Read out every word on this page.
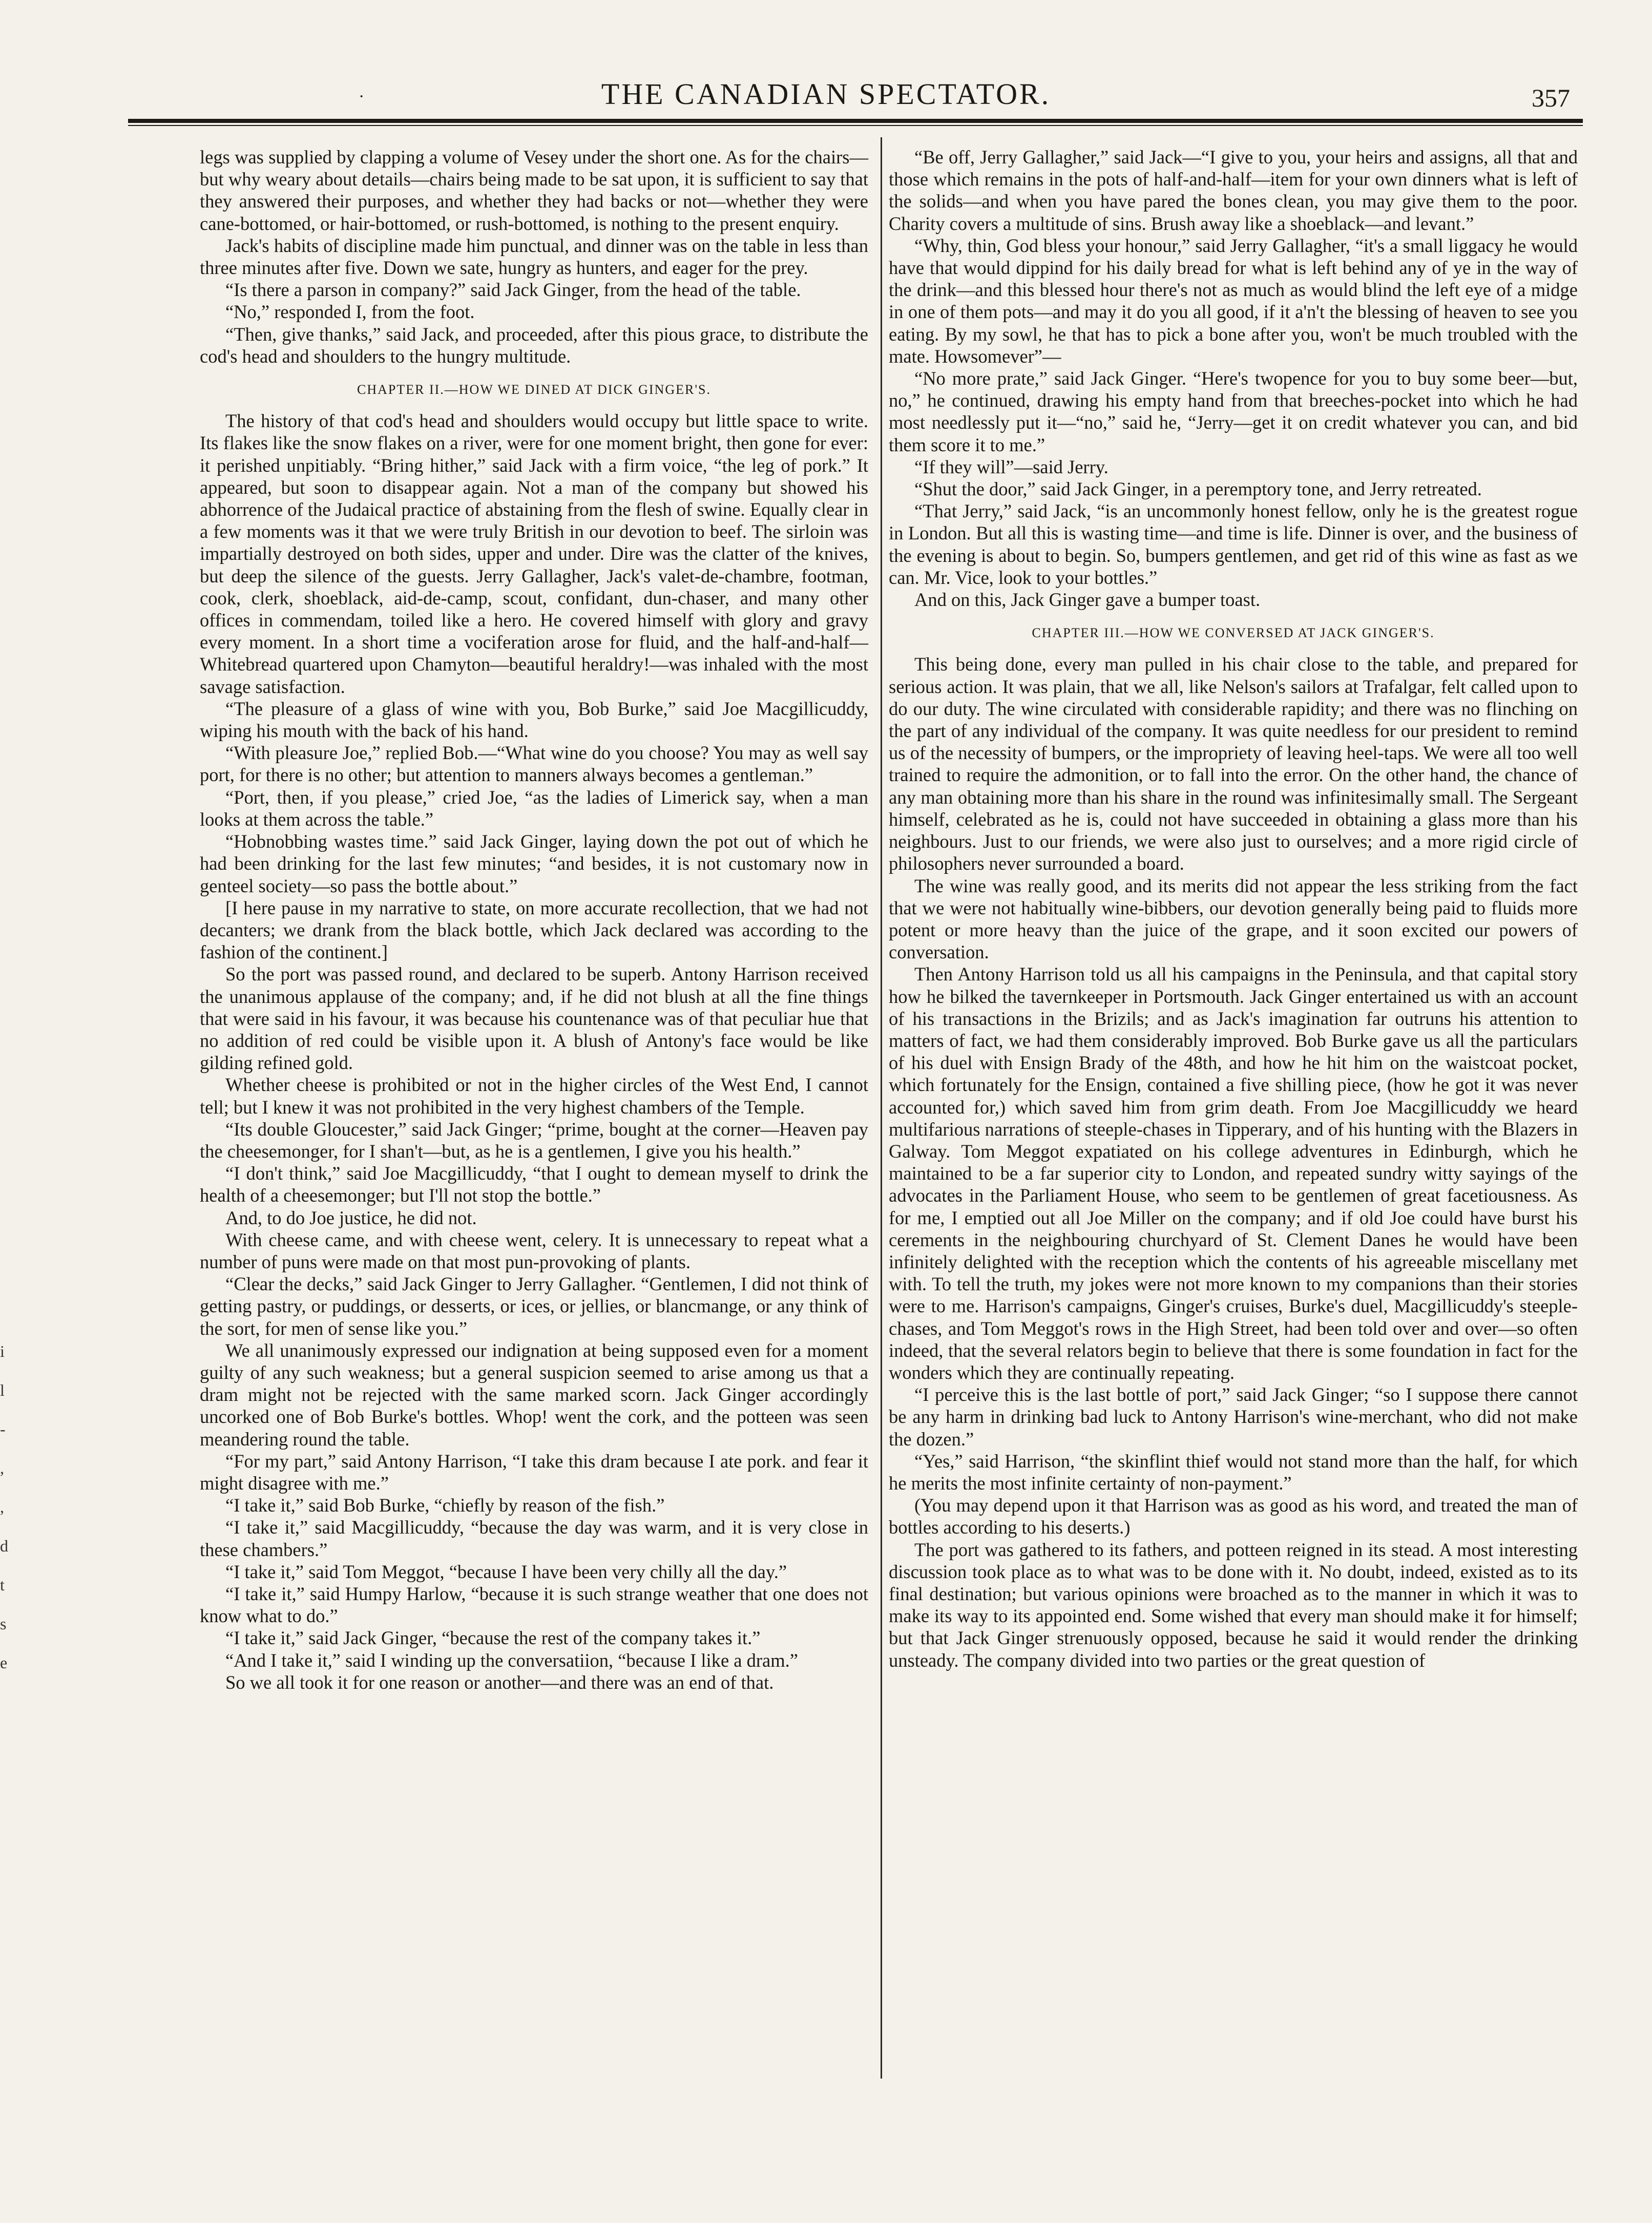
·	THE CANADIAN SPECTATOR.	357

legs was supplied by clapping a volume of Vesey under the short one. As for the chairs—but why weary about details—chairs being made to be sat upon, it is sufficient to say that they answered their purposes, and whether they had backs or not—whether they were cane-bottomed, or hair-bottomed, or rush-bottomed, is nothing to the present enquiry.

Jack's habits of discipline made him punctual, and dinner was on the table in less than three minutes after five. Down we sate, hungry as hunters, and eager for the prey.

“Is there a parson in company?” said Jack Ginger, from the head of the table.

“No,” responded I, from the foot.

“Then, give thanks,” said Jack, and proceeded, after this pious grace, to distribute the cod's head and shoulders to the hungry multitude.

CHAPTER II.—HOW WE DINED AT DICK GINGER'S.

The history of that cod's head and shoulders would occupy but little space to write. Its flakes like the snow flakes on a river, were for one moment bright, then gone for ever: it perished unpitiably. “Bring hither,” said Jack with a firm voice, “the leg of pork.” It appeared, but soon to disappear again. Not a man of the company but showed his abhorrence of the Judaical practice of abstaining from the flesh of swine. Equally clear in a few moments was it that we were truly British in our devotion to beef. The sirloin was impartially destroyed on both sides, upper and under. Dire was the clatter of the knives, but deep the silence of the guests. Jerry Gallagher, Jack's valet-de-chambre, footman, cook, clerk, shoeblack, aid-de-camp, scout, confidant, dun-chaser, and many other offices in commendam, toiled like a hero. He covered himself with glory and gravy every moment. In a short time a vociferation arose for fluid, and the half-and-half—Whitebread quartered upon Chamyton—beautiful heraldry!—was inhaled with the most savage satisfaction.

“The pleasure of a glass of wine with you, Bob Burke,” said Joe Macgillicuddy, wiping his mouth with the back of his hand.

“With pleasure Joe,” replied Bob.—“What wine do you choose? You may as well say port, for there is no other; but attention to manners always becomes a gentleman.”

“Port, then, if you please,” cried Joe, “as the ladies of Limerick say, when a man looks at them across the table.”

“Hobnobbing wastes time.” said Jack Ginger, laying down the pot out of which he had been drinking for the last few minutes; “and besides, it is not customary now in genteel society—so pass the bottle about.”

[I here pause in my narrative to state, on more accurate recollection, that we had not decanters; we drank from the black bottle, which Jack declared was according to the fashion of the continent.]

So the port was passed round, and declared to be superb. Antony Harrison received the unanimous applause of the company; and, if he did not blush at all the fine things that were said in his favour, it was because his countenance was of that peculiar hue that no addition of red could be visible upon it. A blush of Antony's face would be like gilding refined gold.

Whether cheese is prohibited or not in the higher circles of the West End, I cannot tell; but I knew it was not prohibited in the very highest chambers of the Temple.

“Its double Gloucester,” said Jack Ginger; “prime, bought at the corner—Heaven pay the cheesemonger, for I shan't—but, as he is a gentlemen, I give you his health.”

“I don't think,” said Joe Macgillicuddy, “that I ought to demean myself to drink the health of a cheesemonger; but I'll not stop the bottle.”

And, to do Joe justice, he did not.

With cheese came, and with cheese went, celery. It is unnecessary to repeat what a number of puns were made on that most pun-provoking of plants.

“Clear the decks,” said Jack Ginger to Jerry Gallagher. “Gentlemen, I did not think of getting pastry, or puddings, or desserts, or ices, or jellies, or blancmange, or any think of the sort, for men of sense like you.”

We all unanimously expressed our indignation at being supposed even for a moment guilty of any such weakness; but a general suspicion seemed to arise among us that a dram might not be rejected with the same marked scorn. Jack Ginger accordingly uncorked one of Bob Burke's bottles. Whop! went the cork, and the potteen was seen meandering round the table.

“For my part,” said Antony Harrison, “I take this dram because I ate pork. and fear it might disagree with me.”

“I take it,” said Bob Burke, “chiefly by reason of the fish.”

“I take it,” said Macgillicuddy, “because the day was warm, and it is very close in these chambers.”

“I take it,” said Tom Meggot, “because I have been very chilly all the day.”

“I take it,” said Humpy Harlow, “because it is such strange weather that one does not know what to do.”

“I take it,” said Jack Ginger, “because the rest of the company takes it.”

“And I take it,” said I winding up the conversatiion, “because I like a dram.”

So we all took it for one reason or another—and there was an end of that.

“Be off, Jerry Gallagher,” said Jack—“I give to you, your heirs and assigns, all that and those which remains in the pots of half-and-half—item for your own dinners what is left of the solids—and when you have pared the bones clean, you may give them to the poor. Charity covers a multitude of sins. Brush away like a shoeblack—and levant.”

“Why, thin, God bless your honour,” said Jerry Gallagher, “it's a small liggacy he would have that would dippind for his daily bread for what is left behind any of ye in the way of the drink—and this blessed hour there's not as much as would blind the left eye of a midge in one of them pots—and may it do you all good, if it a'n't the blessing of heaven to see you eating. By my sowl, he that has to pick a bone after you, won't be much troubled with the mate. Howsomever”—

“No more prate,” said Jack Ginger. “Here's twopence for you to buy some beer—but, no,” he continued, drawing his empty hand from that breeches-pocket into which he had most needlessly put it—“no,” said he, “Jerry—get it on credit whatever you can, and bid them score it to me.”

“If they will”—said Jerry.

“Shut the door,” said Jack Ginger, in a peremptory tone, and Jerry retreated.

“That Jerry,” said Jack, “is an uncommonly honest fellow, only he is the greatest rogue in London. But all this is wasting time—and time is life. Dinner is over, and the business of the evening is about to begin. So, bumpers gentlemen, and get rid of this wine as fast as we can. Mr. Vice, look to your bottles.”

And on this, Jack Ginger gave a bumper toast.

CHAPTER III.—HOW WE CONVERSED AT JACK GINGER'S.

This being done, every man pulled in his chair close to the table, and prepared for serious action. It was plain, that we all, like Nelson's sailors at Trafalgar, felt called upon to do our duty. The wine circulated with considerable rapidity; and there was no flinching on the part of any individual of the company. It was quite needless for our president to remind us of the necessity of bumpers, or the impropriety of leaving heel-taps. We were all too well trained to require the admonition, or to fall into the error. On the other hand, the chance of any man obtaining more than his share in the round was infinitesimally small. The Sergeant himself, celebrated as he is, could not have succeeded in obtaining a glass more than his neighbours. Just to our friends, we were also just to ourselves; and a more rigid circle of philosophers never surrounded a board.

The wine was really good, and its merits did not appear the less striking from the fact that we were not habitually wine-bibbers, our devotion generally being paid to fluids more potent or more heavy than the juice of the grape, and it soon excited our powers of conversation.

Then Antony Harrison told us all his campaigns in the Peninsula, and that capital story how he bilked the tavernkeeper in Portsmouth. Jack Ginger entertained us with an account of his transactions in the Brizils; and as Jack's imagination far outruns his attention to matters of fact, we had them considerably improved. Bob Burke gave us all the particulars of his duel with Ensign Brady of the 48th, and how he hit him on the waistcoat pocket, which fortunately for the Ensign, contained a five shilling piece, (how he got it was never accounted for,) which saved him from grim death. From Joe Macgillicuddy we heard multifarious narrations of steeple-chases in Tipperary, and of his hunting with the Blazers in Galway. Tom Meggot expatiated on his college adventures in Edinburgh, which he maintained to be a far superior city to London, and repeated sundry witty sayings of the advocates in the Parliament House, who seem to be gentlemen of great facetiousness. As for me, I emptied out all Joe Miller on the company; and if old Joe could have burst his cerements in the neighbouring churchyard of St. Clement Danes he would have been infinitely delighted with the reception which the contents of his agreeable miscellany met with. To tell the truth, my jokes were not more known to my companions than their stories were to me. Harrison's campaigns, Ginger's cruises, Burke's duel, Macgillicuddy's steeple-chases, and Tom Meggot's rows in the High Street, had been told over and over—so often indeed, that the several relators begin to believe that there is some foundation in fact for the wonders which they are continually repeating.

“I perceive this is the last bottle of port,” said Jack Ginger; “so I suppose there cannot be any harm in drinking bad luck to Antony Harrison's wine-merchant, who did not make the dozen.”

“Yes,” said Harrison, “the skinflint thief would not stand more than the half, for which he merits the most infinite certainty of non-payment.”

(You may depend upon it that Harrison was as good as his word, and treated the man of bottles according to his deserts.)

The port was gathered to its fathers, and potteen reigned in its stead. A most interesting discussion took place as to what was to be done with it. No doubt, indeed, existed as to its final destination; but various opinions were broached as to the manner in which it was to make its way to its appointed end. Some wished that every man should make it for himself; but that Jack Ginger strenuously opposed, because he said it would render the drinking unsteady. The company divided into two parties or the great question of

i
l
-
,
,
d
t
s
e
